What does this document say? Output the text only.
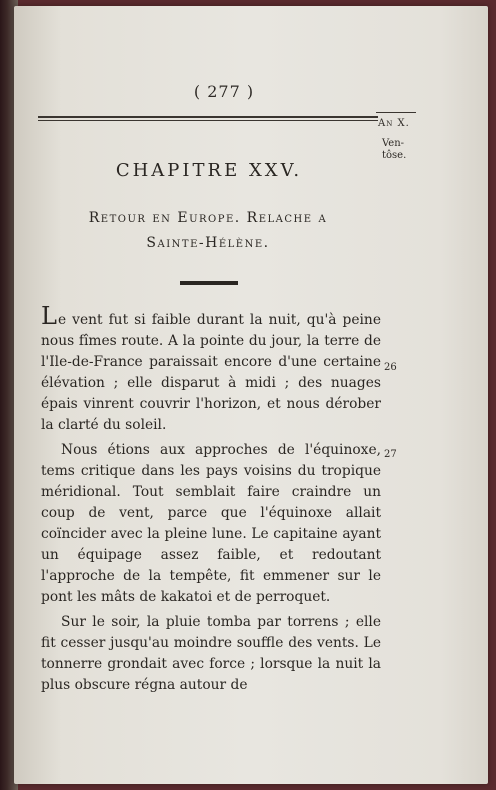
( 277 )
An X.
Ven-
tôse.
CHAPITRE XXV.
Retour en Europe. Relache a
Sainte-Hélène.

Le vent fut si faible durant la nuit, qu'à peine nous fîmes route. A la pointe du jour, la terre de l'Ile-de-France paraissait encore d'une certaine élévation ; elle disparut à midi ; des nuages épais vinrent couvrir l'horizon, et nous dérober la clarté du soleil.

Nous étions aux approches de l'équinoxe, tems critique dans les pays voisins du tropique méridional. Tout semblait faire craindre un coup de vent, parce que l'équinoxe allait coïncider avec la pleine lune. Le capitaine ayant un équipage assez faible, et redoutant l'approche de la tempête, fit emmener sur le pont les mâts de kakatoi et de perroquet.

Sur le soir, la pluie tomba par torrens ; elle fit cesser jusqu'au moindre souffle des vents. Le tonnerre grondait avec force ; lorsque la nuit la plus obscure régna autour de

26
27
